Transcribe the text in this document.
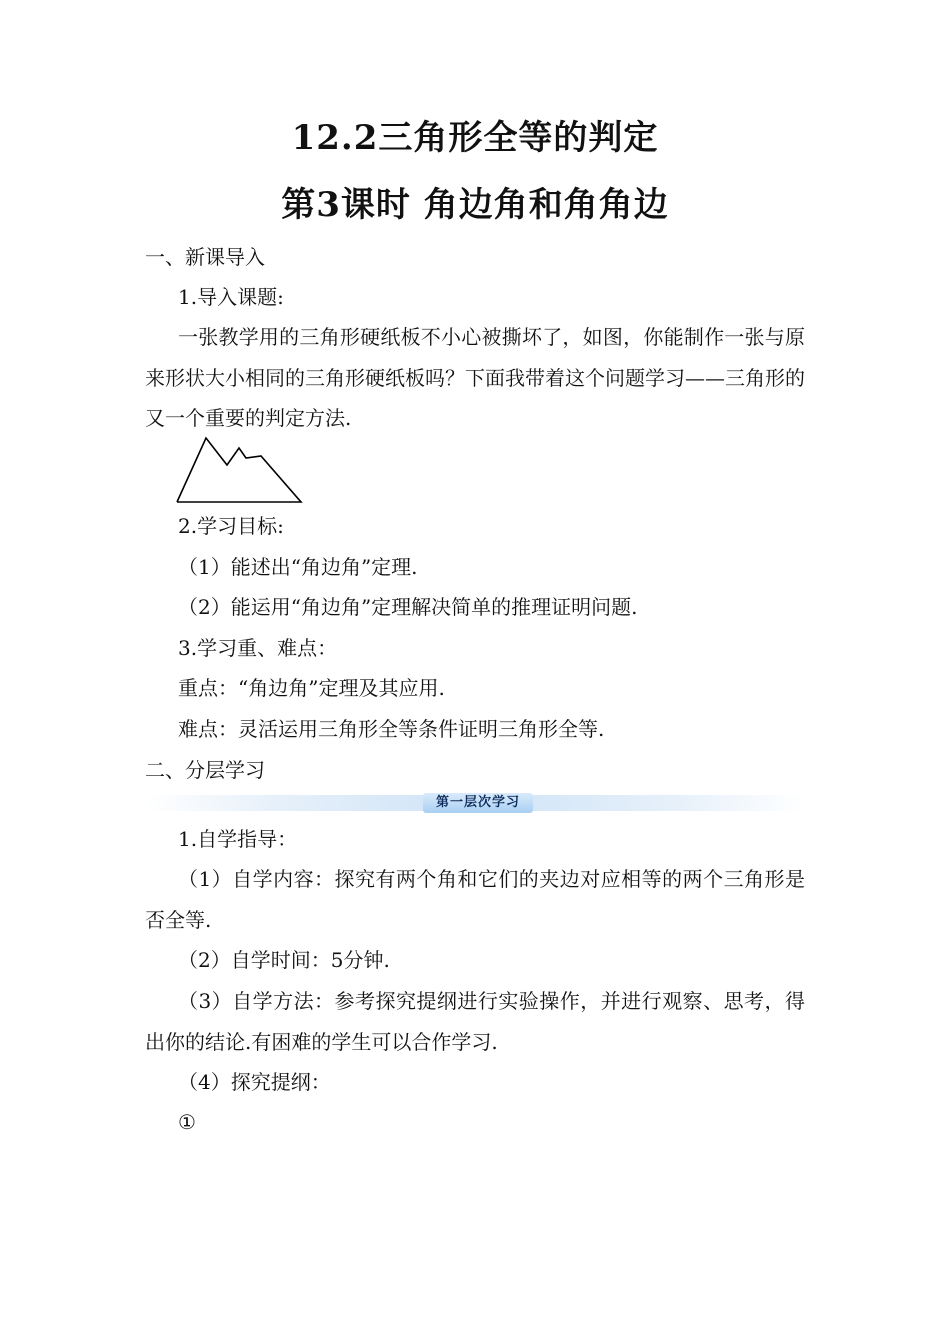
12.2三角形全等的判定
第3课时 角边角和角角边

一、新课导入

1.导入课题:

一张教学用的三角形硬纸板不小心被撕坏了，如图，你能制作一张与原来形状大小相同的三角形硬纸板吗？下面我带着这个问题学习——三角形的又一个重要的判定方法.

2.学习目标:

（1）能述出“角边角”定理.

（2）能运用“角边角”定理解决简单的推理证明问题.

3.学习重、难点：

重点：“角边角”定理及其应用.

难点：灵活运用三角形全等条件证明三角形全等.

二、分层学习

第一层次学习

1.自学指导：

（1）自学内容：探究有两个角和它们的夹边对应相等的两个三角形是否全等.

（2）自学时间：5分钟.

（3）自学方法：参考探究提纲进行实验操作，并进行观察、思考，得出你的结论.有困难的学生可以合作学习.

（4）探究提纲：

①
